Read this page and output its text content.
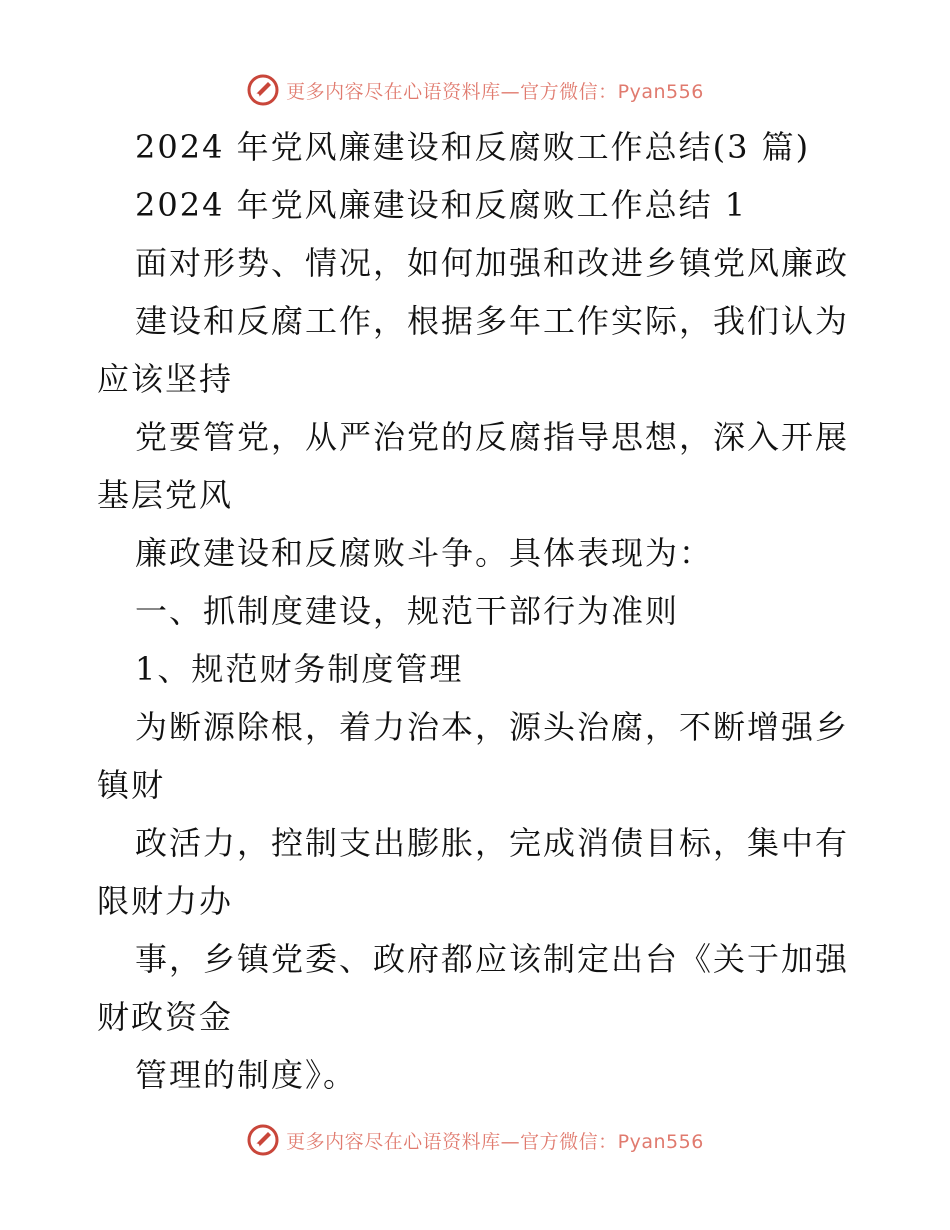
更多内容尽在心语资料库—官方微信：Pyan556
2024 年党风廉建设和反腐败工作总结(3 篇)
2024 年党风廉建设和反腐败工作总结 1
面对形势、情况，如何加强和改进乡镇党风廉政
建设和反腐工作，根据多年工作实际，我们认为
应该坚持
党要管党，从严治党的反腐指导思想，深入开展
基层党风
廉政建设和反腐败斗争。具体表现为：
一、抓制度建设，规范干部行为准则
1、规范财务制度管理
为断源除根，着力治本，源头治腐，不断增强乡
镇财
政活力，控制支出膨胀，完成消债目标，集中有
限财力办
事，乡镇党委、政府都应该制定出台《关于加强
财政资金
管理的制度》。
更多内容尽在心语资料库—官方微信：Pyan556
